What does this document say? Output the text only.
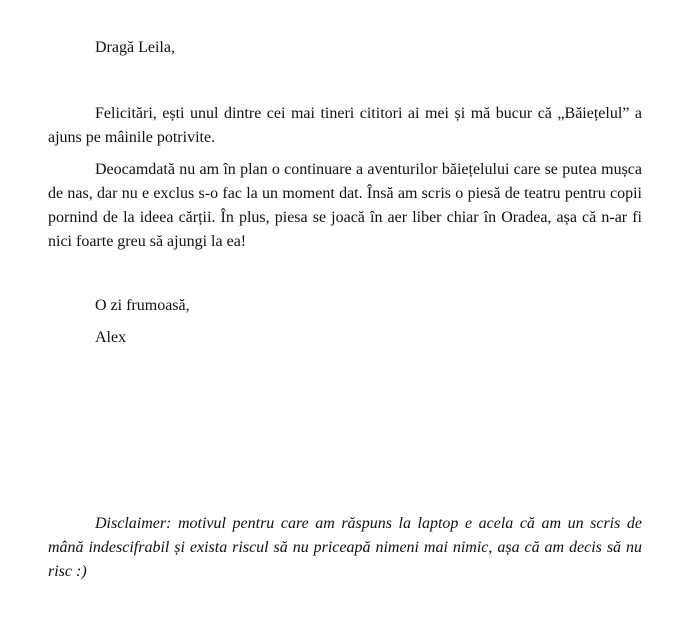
Dragă Leila,

Felicitări, ești unul dintre cei mai tineri cititori ai mei și mă bucur că „Băiețelul” a ajuns pe mâinile potrivite.

Deocamdată nu am în plan o continuare a aventurilor băiețelului care se putea mușca de nas, dar nu e exclus s-o fac la un moment dat. Însă am scris o piesă de teatru pentru copii pornind de la ideea cărții. În plus, piesa se joacă în aer liber chiar în Oradea, așa că n-ar fi nici foarte greu să ajungi la ea!

O zi frumoasă,

Alex

Disclaimer: motivul pentru care am răspuns la laptop e acela că am un scris de mână indescifrabil și exista riscul să nu priceapă nimeni mai nimic, așa că am decis să nu risc :)
